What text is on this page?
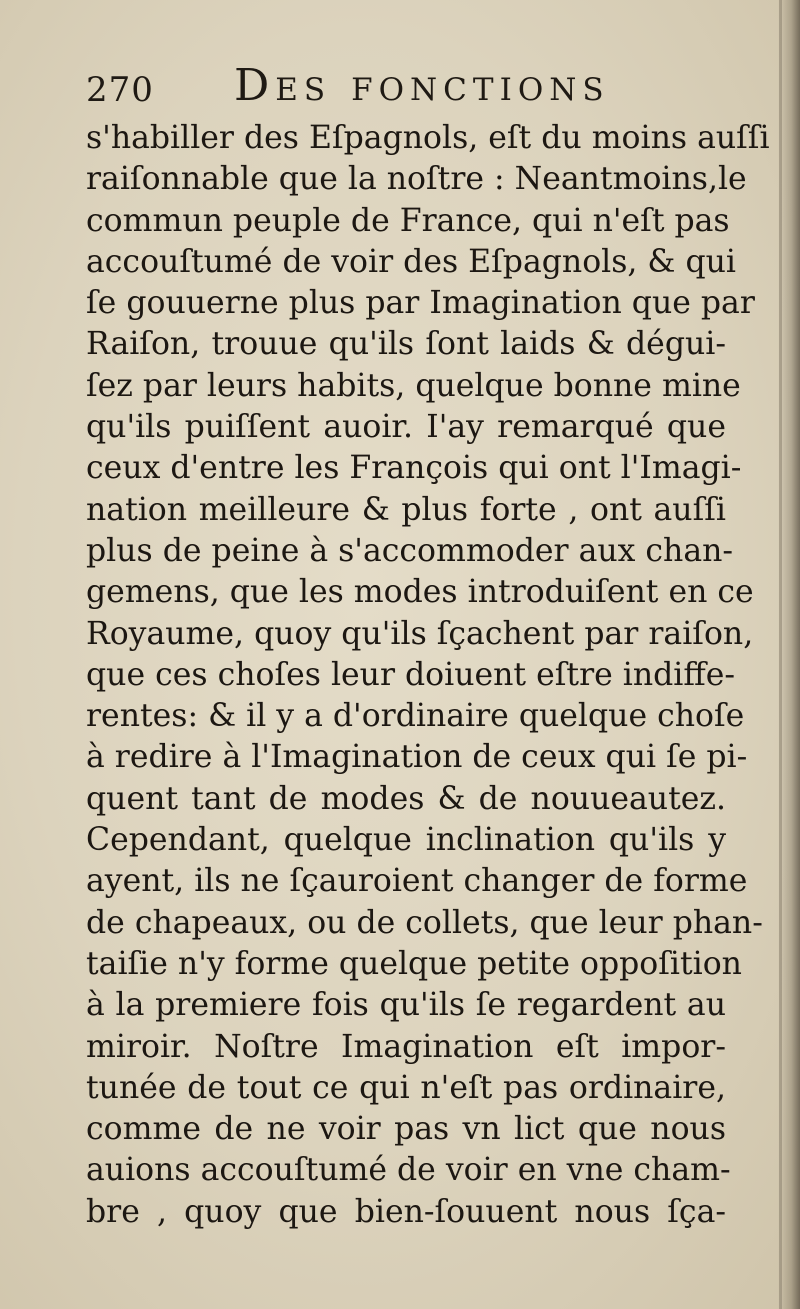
270 Des fonctions
s'habiller des Eſpagnols, eſt du moins auſſi
raiſonnable que la noſtre : Neantmoins,le
commun peuple de France, qui n'eſt pas
accouſtumé de voir des Eſpagnols, & qui
ſe gouuerne plus par Imagination que par
Raiſon, trouue qu'ils ſont laids & dégui-
ſez par leurs habits, quelque bonne mine
qu'ils puiſſent auoir. I'ay remarqué que
ceux d'entre les François qui ont l'Imagi-
nation meilleure & plus forte , ont auſſi
plus de peine à s'accommoder aux chan-
gemens, que les modes introduiſent en ce
Royaume, quoy qu'ils ſçachent par raiſon,
que ces choſes leur doiuent eſtre indiffe-
rentes: & il y a d'ordinaire quelque choſe
à redire à l'Imagination de ceux qui ſe pi-
quent tant de modes & de nouueautez.
Cependant, quelque inclination qu'ils y
ayent, ils ne ſçauroient changer de forme
de chapeaux, ou de collets, que leur phan-
taiſie n'y forme quelque petite oppoſition
à la premiere fois qu'ils ſe regardent au
miroir. Noſtre Imagination eſt impor-
tunée de tout ce qui n'eſt pas ordinaire,
comme de ne voir pas vn lict que nous
auions accouſtumé de voir en vne cham-
bre , quoy que bien-ſouuent nous ſça-
